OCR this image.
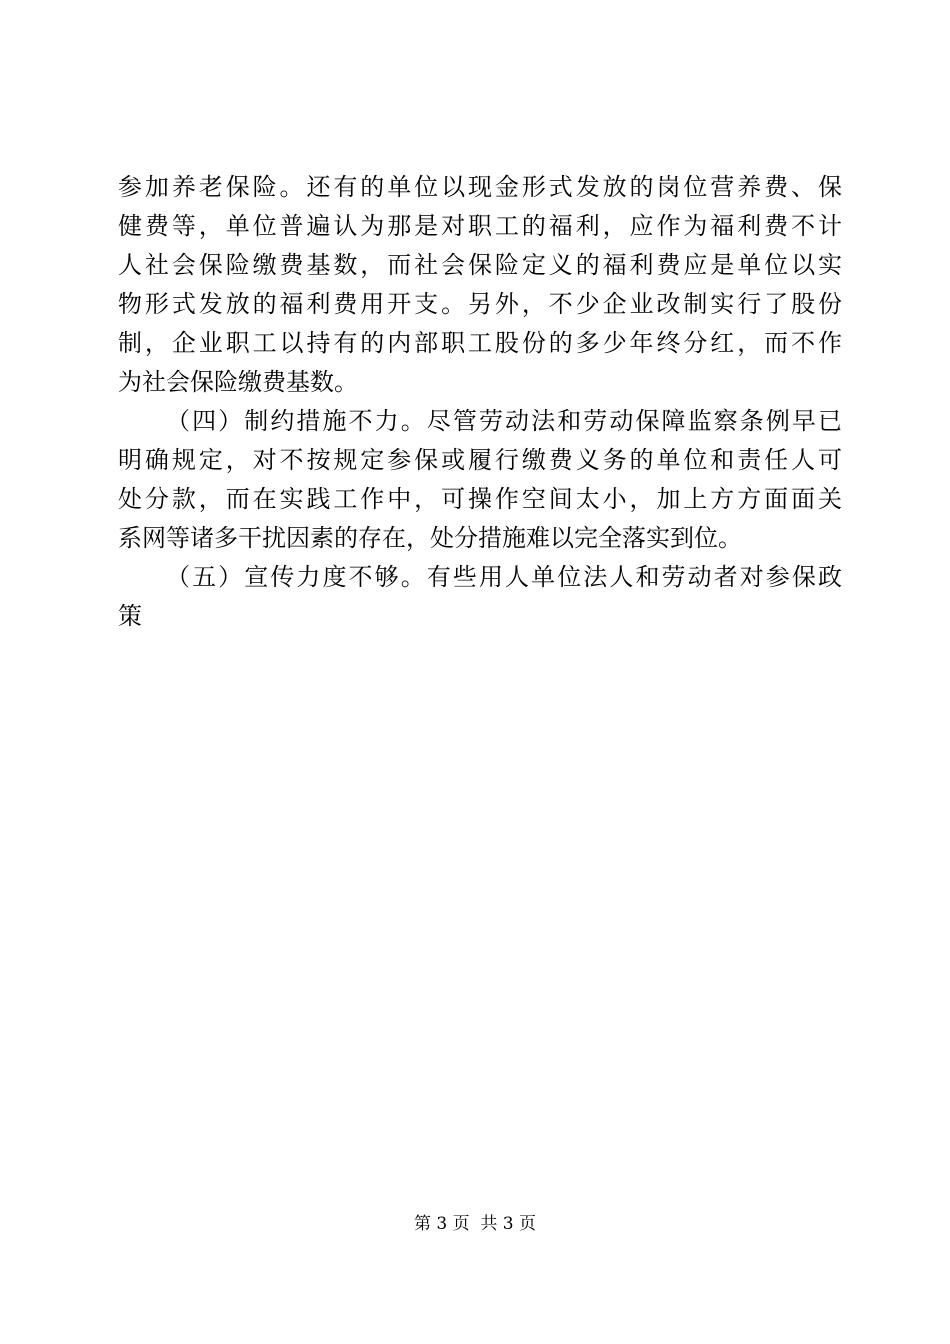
参加养老保险。还有的单位以现金形式发放的岗位营养费、保
健费等，单位普遍认为那是对职工的福利，应作为福利费不计
人社会保险缴费基数，而社会保险定义的福利费应是单位以实
物形式发放的福利费用开支。另外，不少企业改制实行了股份
制，企业职工以持有的内部职工股份的多少年终分红，而不作
为社会保险缴费基数。
（四）制约措施不力。尽管劳动法和劳动保障监察条例早已
明确规定，对不按规定参保或履行缴费义务的单位和责任人可
处分款，而在实践工作中，可操作空间太小，加上方方面面关
系网等诸多干扰因素的存在，处分措施难以完全落实到位。
（五）宣传力度不够。有些用人单位法人和劳动者对参保政
策
第 3 页  共 3 页
